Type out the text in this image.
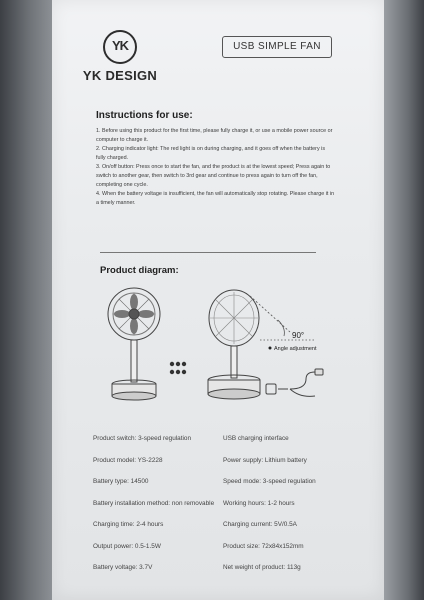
YK
YK DESIGN
USB SIMPLE FAN
Instructions for use:
1. Before using this product for the first time, please fully charge it, or use a mobile power source or computer to charge it.
2. Charging indicator light: The red light is on during charging, and it goes off when the battery is fully charged.
3. On/off button: Press once to start the fan, and the product is at the lowest speed; Press again to switch to another gear, then switch to 3rd gear and continue to press again to turn off the fan, completing one cycle.
4. When the battery voltage is insufficient, the fan will automatically stop rotating. Please charge it in a timely manner.
Product diagram:
90°
Angle adjustment
Product switch: 3-speed regulation	USB charging interface
Product model: YS-2228	Power supply: Lithium battery
Battery type: 14500	Speed mode: 3-speed regulation
Battery installation method: non removable	Working hours: 1-2 hours
Charging time: 2-4 hours	Charging current: 5V/0.5A
Output power: 0.5-1.5W	Product size: 72x84x152mm
Battery voltage: 3.7V	Net weight of product: 113g
